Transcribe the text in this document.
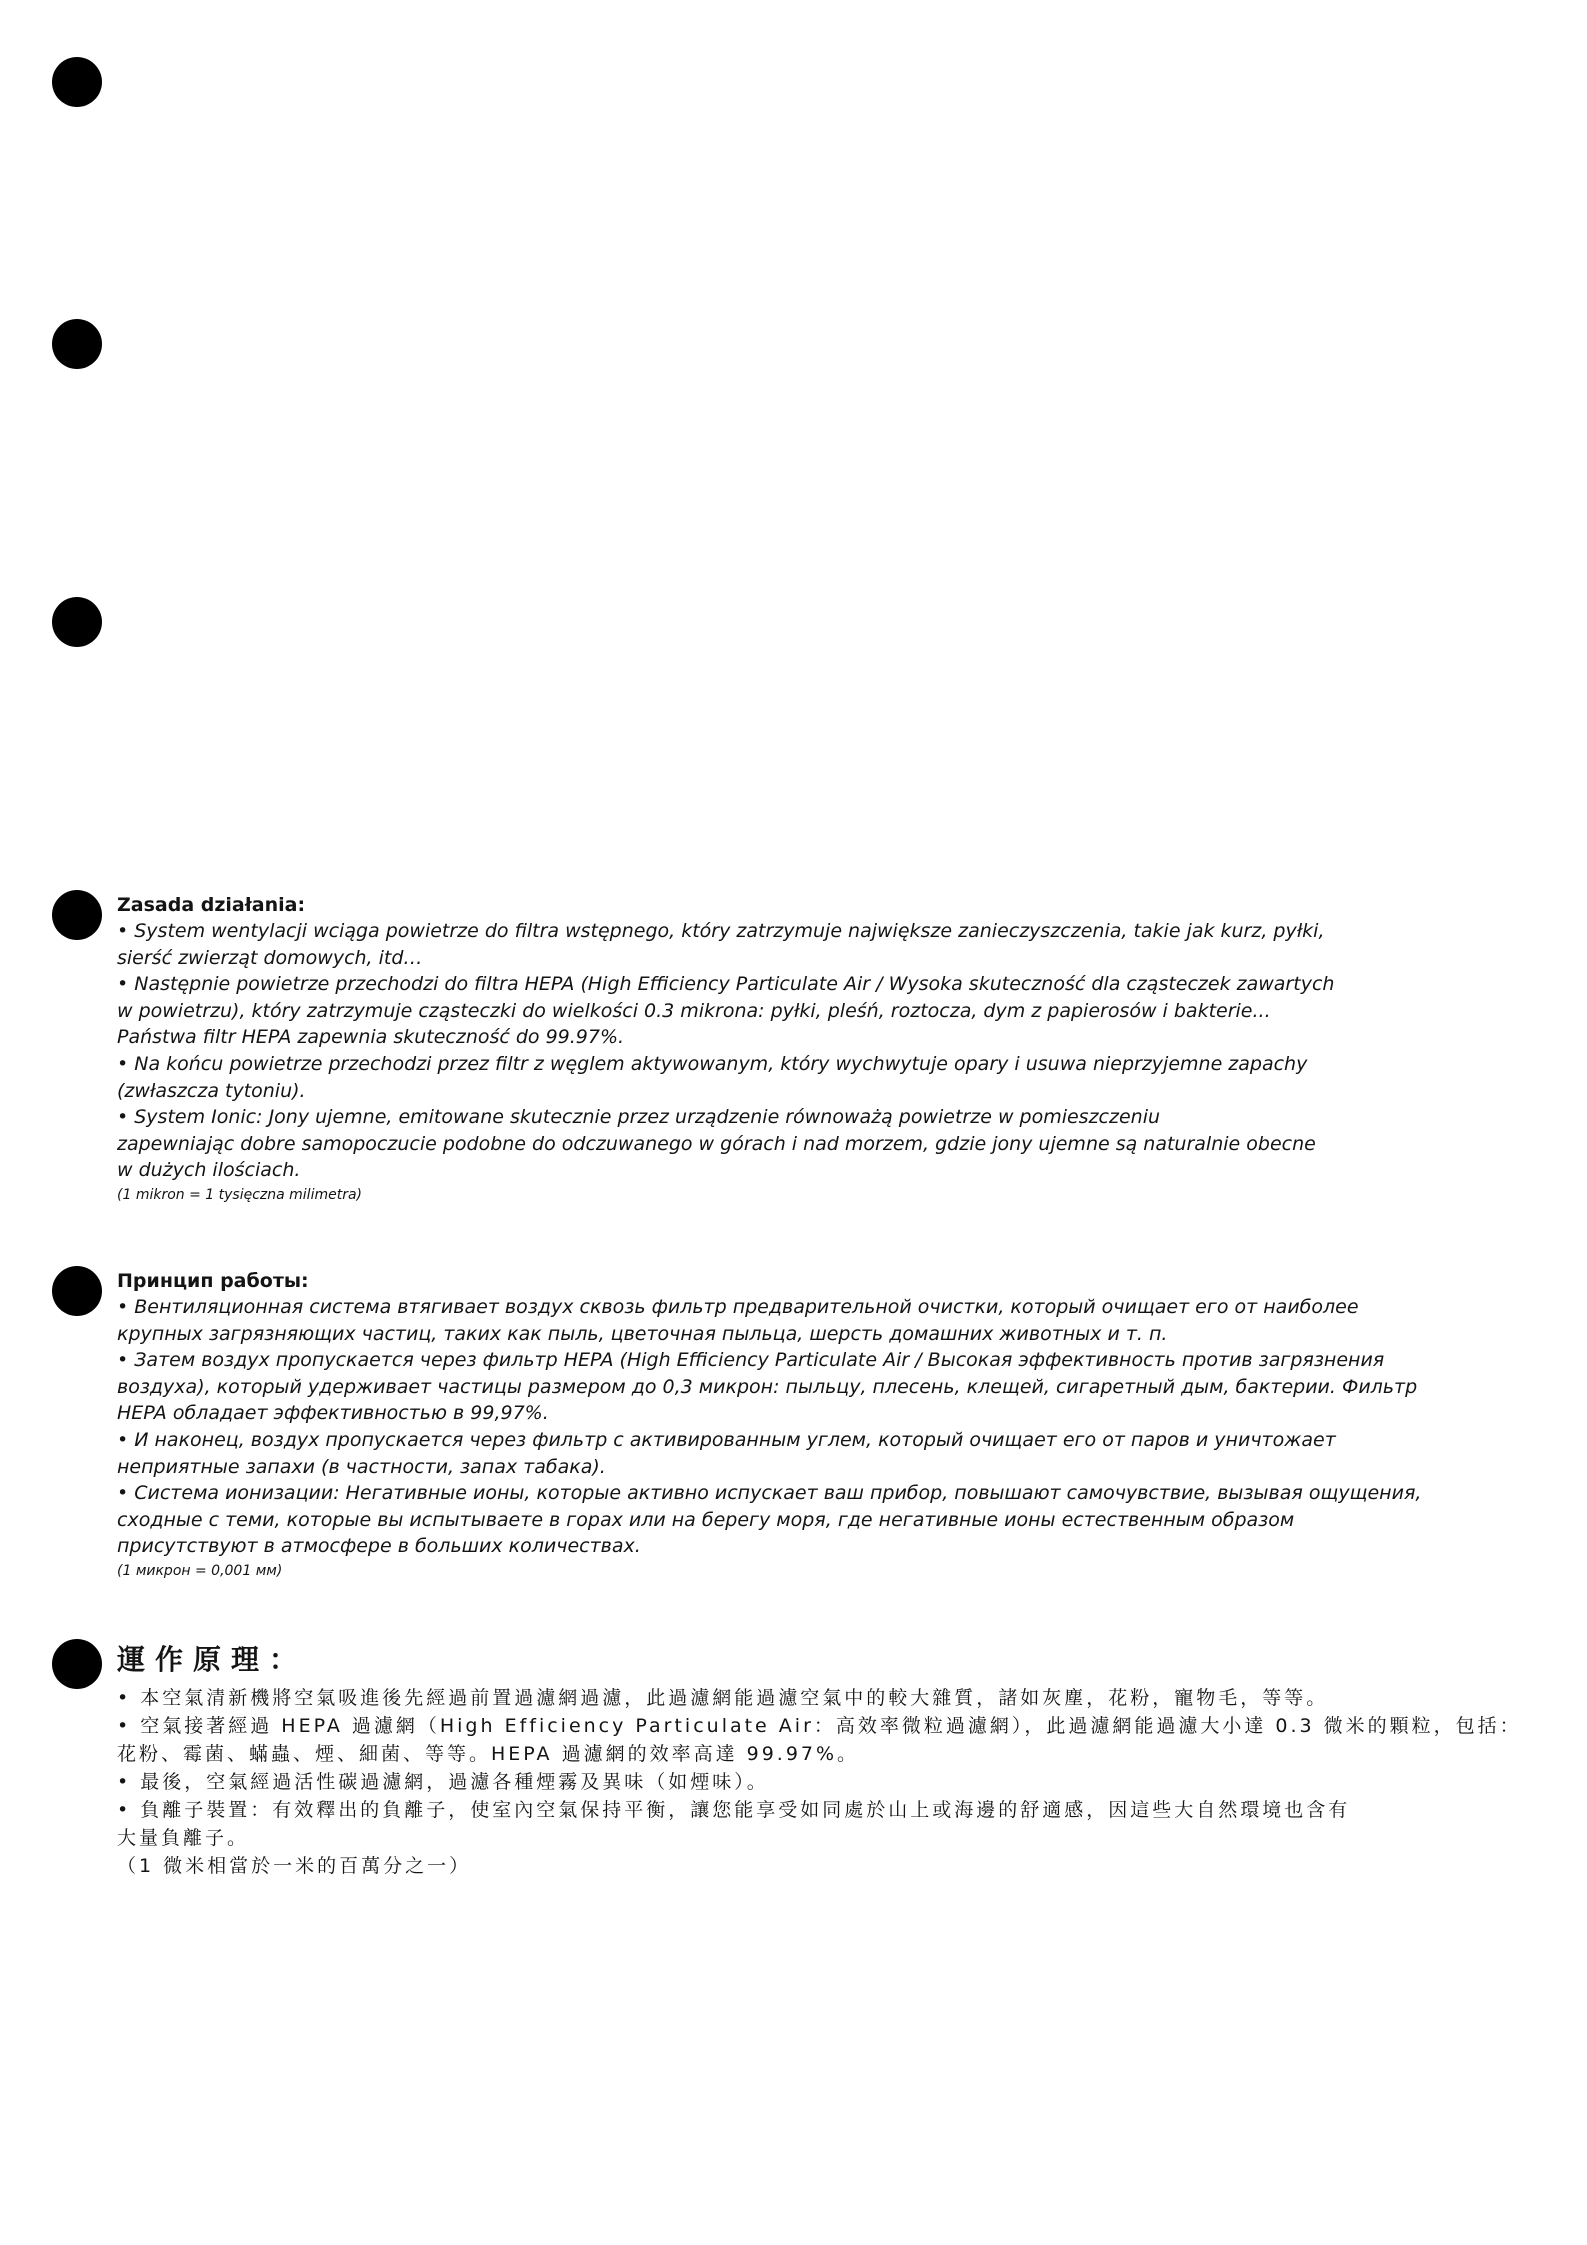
Zasada działania:

• System wentylacji wciąga powietrze do filtra wstępnego, który zatrzymuje największe zanieczyszczenia, takie jak kurz, pyłki,

sierść zwierząt domowych, itd…

• Następnie powietrze przechodzi do filtra HEPA (High Efficiency Particulate Air / Wysoka skuteczność dla cząsteczek zawartych

w powietrzu), który zatrzymuje cząsteczki do wielkości 0.3 mikrona: pyłki, pleśń, roztocza, dym z papierosów i bakterie...

Państwa filtr HEPA zapewnia skuteczność do 99.97%.

• Na końcu powietrze przechodzi przez filtr z węglem aktywowanym, który wychwytuje opary i usuwa nieprzyjemne zapachy

(zwłaszcza tytoniu).

• System Ionic: Jony ujemne, emitowane skutecznie przez urządzenie równoważą powietrze w pomieszczeniu

zapewniając dobre samopoczucie podobne do odczuwanego w górach i nad morzem, gdzie jony ujemne są naturalnie obecne

w dużych ilościach.

(1 mikron = 1 tysięczna milimetra)

Принцип работы:

• Вентиляционная система втягивает воздух сквозь фильтр предварительной очистки, который очищает его от наиболее

крупных загрязняющих частиц, таких как пыль, цветочная пыльца, шерсть домашних животных и т. п.

• Затем воздух пропускается через фильтр HEPA (High Efficiency Particulate Air / Высокая эффективность против загрязнения

воздуха), который удерживает частицы размером до 0,3 микрон: пыльцу, плесень, клещей, сигаретный дым, бактерии. Фильтр

HEPA обладает эффективностью в 99,97%.

• И наконец, воздух пропускается через фильтр с активированным углем, который очищает его от паров и уничтожает

неприятные запахи (в частности, запах табака).

• Система ионизации: Негативные ионы, которые активно испускает ваш прибор, повышают самочувствие, вызывая ощущения,

сходные с теми, которые вы испытываете в горах или на берегу моря, где негативные ионы естественным образом

присутствуют в атмосфере в больших количествах.

(1 микрон = 0,001 мм)

運作原理：

• 本空氣清新機將空氣吸進後先經過前置過濾網過濾，此過濾網能過濾空氣中的較大雜質，諸如灰塵，花粉，寵物毛，等等。

• 空氣接著經過 HEPA 過濾網（High Efficiency Particulate Air：高效率微粒過濾網），此過濾網能過濾大小達 0.3 微米的顆粒，包括：

花粉、霉菌、蟎蟲、煙、細菌、等等。HEPA 過濾網的效率高達 99.97%。

• 最後，空氣經過活性碳過濾網，過濾各種煙霧及異味（如煙味）。

• 負離子裝置：有效釋出的負離子，使室內空氣保持平衡，讓您能享受如同處於山上或海邊的舒適感，因這些大自然環境也含有

大量負離子。

（1 微米相當於一米的百萬分之一）
